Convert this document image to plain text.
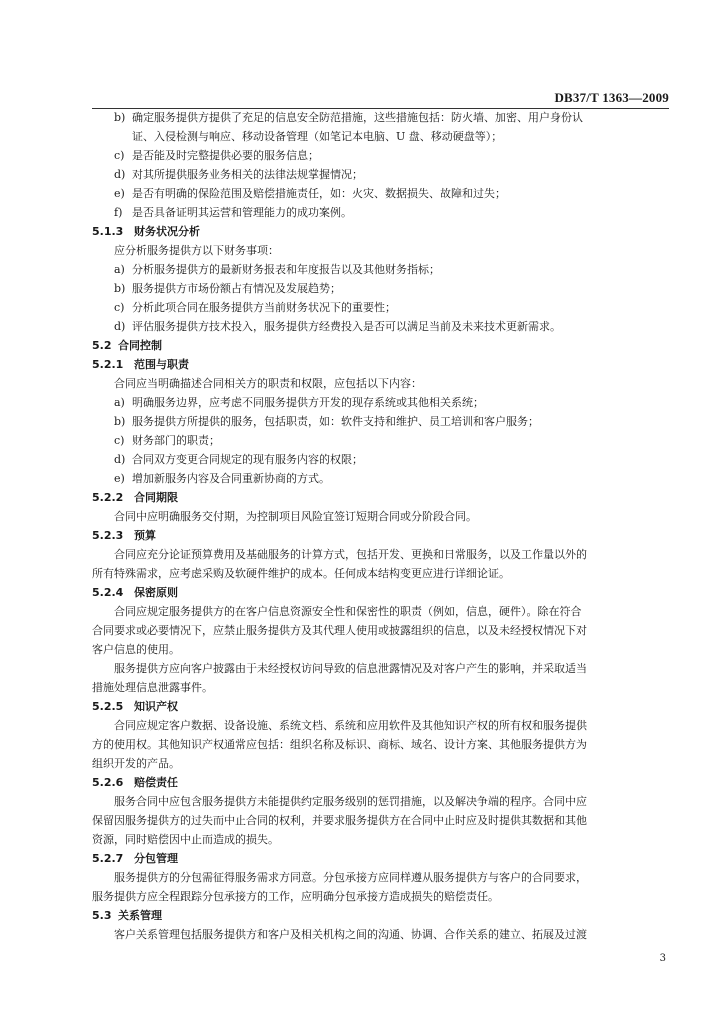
DB37/T 1363—2009
b) 确定服务提供方提供了充足的信息安全防范措施，这些措施包括：防火墙、加密、用户身份认
证、入侵检测与响应、移动设备管理（如笔记本电脑、U 盘、移动硬盘等）；
c) 是否能及时完整提供必要的服务信息；
d) 对其所提供服务业务相关的法律法规掌握情况；
e) 是否有明确的保险范围及赔偿措施责任，如：火灾、数据损失、故障和过失；
f) 是否具备证明其运营和管理能力的成功案例。
5.1.3 财务状况分析
应分析服务提供方以下财务事项：
a) 分析服务提供方的最新财务报表和年度报告以及其他财务指标；
b) 服务提供方市场份额占有情况及发展趋势；
c) 分析此项合同在服务提供方当前财务状况下的重要性；
d) 评估服务提供方技术投入，服务提供方经费投入是否可以满足当前及未来技术更新需求。
5.2 合同控制
5.2.1 范围与职责
合同应当明确描述合同相关方的职责和权限，应包括以下内容：
a) 明确服务边界，应考虑不同服务提供方开发的现存系统或其他相关系统；
b) 服务提供方所提供的服务，包括职责，如：软件支持和维护、员工培训和客户服务；
c) 财务部门的职责；
d) 合同双方变更合同规定的现有服务内容的权限；
e) 增加新服务内容及合同重新协商的方式。
5.2.2 合同期限
合同中应明确服务交付期，为控制项目风险宜签订短期合同或分阶段合同。
5.2.3 预算
合同应充分论证预算费用及基础服务的计算方式，包括开发、更换和日常服务，以及工作量以外的
所有特殊需求，应考虑采购及软硬件维护的成本。任何成本结构变更应进行详细论证。
5.2.4 保密原则
合同应规定服务提供方的在客户信息资源安全性和保密性的职责（例如，信息，硬件）。除在符合
合同要求或必要情况下，应禁止服务提供方及其代理人使用或披露组织的信息，以及未经授权情况下对
客户信息的使用。
服务提供方应向客户披露由于未经授权访问导致的信息泄露情况及对客户产生的影响，并采取适当
措施处理信息泄露事件。
5.2.5 知识产权
合同应规定客户数据、设备设施、系统文档、系统和应用软件及其他知识产权的所有权和服务提供
方的使用权。其他知识产权通常应包括：组织名称及标识、商标、域名、设计方案、其他服务提供方为
组织开发的产品。
5.2.6 赔偿责任
服务合同中应包含服务提供方未能提供约定服务级别的惩罚措施，以及解决争端的程序。合同中应
保留因服务提供方的过失而中止合同的权利，并要求服务提供方在合同中止时应及时提供其数据和其他
资源，同时赔偿因中止而造成的损失。
5.2.7 分包管理
服务提供方的分包需征得服务需求方同意。分包承接方应同样遵从服务提供方与客户的合同要求，
服务提供方应全程跟踪分包承接方的工作，应明确分包承接方造成损失的赔偿责任。
5.3 关系管理
客户关系管理包括服务提供方和客户及相关机构之间的沟通、协调、合作关系的建立、拓展及过渡
3
